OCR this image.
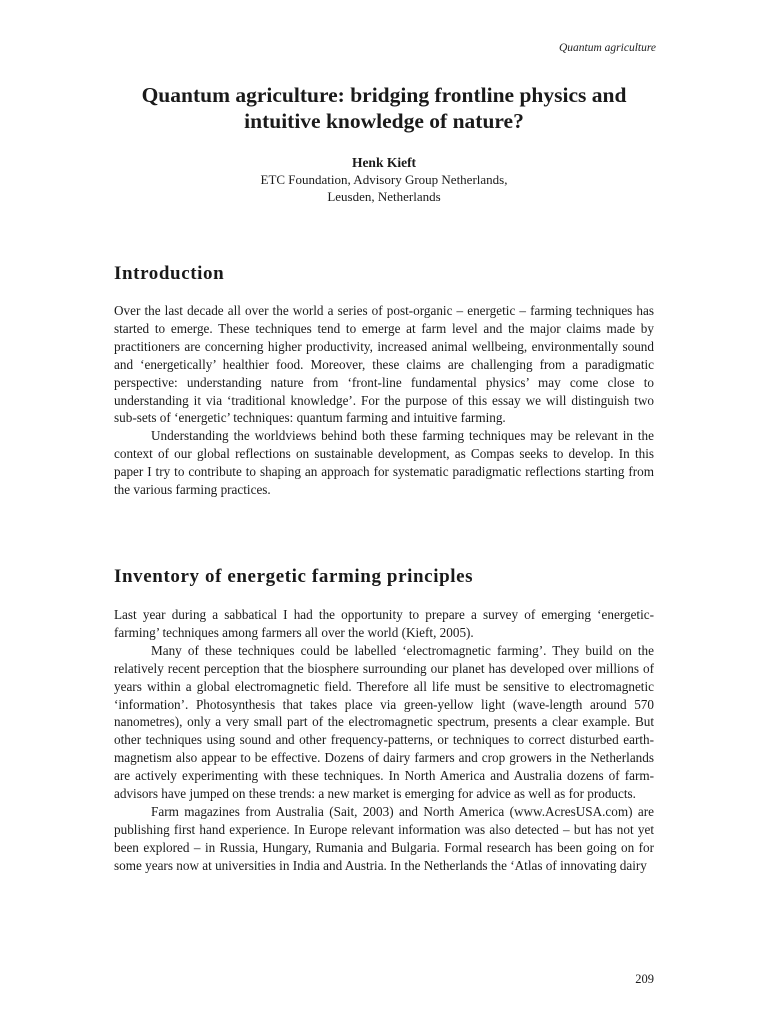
Quantum agriculture
Quantum agriculture: bridging frontline physics and
intuitive knowledge of nature?
Henk Kieft
ETC Foundation, Advisory Group Netherlands,
Leusden, Netherlands
Introduction

Over the last decade all over the world a series of post-organic – energetic – farming techniques has started to emerge. These techniques tend to emerge at farm level and the major claims made by practitioners are concerning higher productivity, increased animal wellbeing, environmentally sound and ‘energetically’ healthier food. Moreover, these claims are challenging from a paradigmatic perspective: understanding nature from ‘front-line fundamental physics’ may come close to understanding it via ‘traditional knowledge’. For the purpose of this essay we will distinguish two sub-sets of ‘energetic’ techniques: quantum farming and intuitive farming.

Understanding the worldviews behind both these farming techniques may be relevant in the context of our global reflections on sustainable development, as Compas seeks to develop. In this paper I try to contribute to shaping an approach for systematic paradigmatic reflections starting from the various farming practices.

Inventory of energetic farming principles

Last year during a sabbatical I had the opportunity to prepare a survey of emerging ‘energetic-farming’ techniques among farmers all over the world (Kieft, 2005).

Many of these techniques could be labelled ‘electromagnetic farming’. They build on the relatively recent perception that the biosphere surrounding our planet has developed over millions of years within a global electromagnetic field. Therefore all life must be sensitive to electromagnetic ‘information’. Photosynthesis that takes place via green-yellow light (wave-length around 570 nanometres), only a very small part of the electromagnetic spectrum, presents a clear example. But other techniques using sound and other frequency-patterns, or techniques to correct disturbed earth-magnetism also appear to be effective. Dozens of dairy farmers and crop growers in the Netherlands are actively experimenting with these techniques. In North America and Australia dozens of farm-advisors have jumped on these trends: a new market is emerging for advice as well as for products.

Farm magazines from Australia (Sait, 2003) and North America (www.AcresUSA.com) are publishing first hand experience. In Europe relevant information was also detected – but has not yet been explored – in Russia, Hungary, Rumania and Bulgaria. Formal research has been going on for some years now at universities in India and Austria. In the Netherlands the ‘Atlas of innovating dairy

209
